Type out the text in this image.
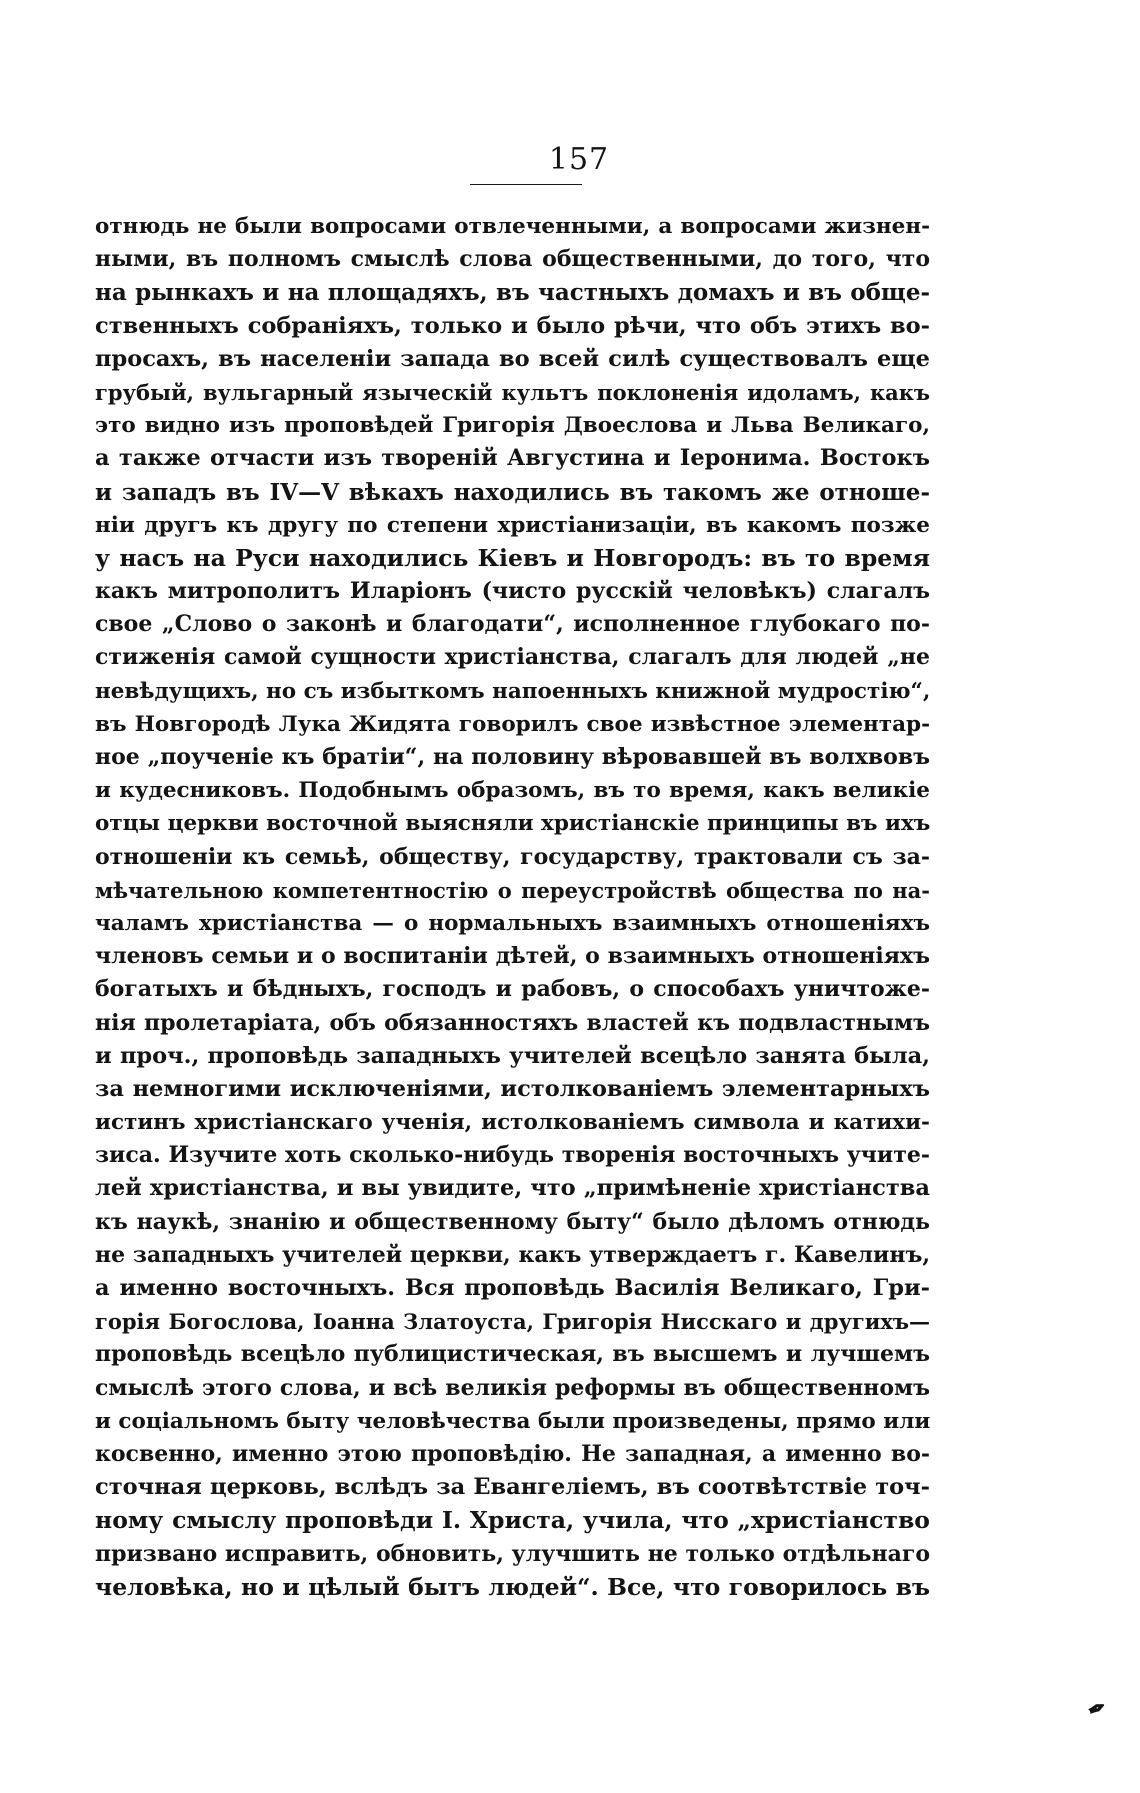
157
отнюдь не были вопросами отвлеченными, а вопросами жизнен-
ными, въ полномъ смыслѣ слова общественными, до того, что
на рынкахъ и на площадяхъ, въ частныхъ домахъ и въ обще-
ственныхъ собраніяхъ, только и было рѣчи, что объ этихъ во-
просахъ, въ населеніи запада во всей силѣ существовалъ еще
грубый, вульгарный языческій культъ поклоненія идоламъ, какъ
это видно изъ проповѣдей Григорія Двоеслова и Льва Великаго,
а также отчасти изъ твореній Августина и Іеронима. Востокъ
и западъ въ IV—V вѣкахъ находились въ такомъ же отноше-
ніи другъ къ другу по степени христіанизаціи, въ какомъ позже
у насъ на Руси находились Кіевъ и Новгородъ: въ то время
какъ митрополитъ Иларіонъ (чисто русскій человѣкъ) слагалъ
свое „Слово о законѣ и благодати“, исполненное глубокаго по-
стиженія самой сущности христіанства, слагалъ для людей „не
невѣдущихъ, но съ избыткомъ напоенныхъ книжной мудростію“,
въ Новгородѣ Лука Жидята говорилъ свое извѣстное элементар-
ное „поученіе къ братіи“, на половину вѣровавшей въ волхвовъ
и кудесниковъ. Подобнымъ образомъ, въ то время, какъ великіе
отцы церкви восточной выясняли христіанскіе принципы въ ихъ
отношеніи къ семьѣ, обществу, государству, трактовали съ за-
мѣчательною компетентностію о переустройствѣ общества по на-
чаламъ христіанства — о нормальныхъ взаимныхъ отношеніяхъ
членовъ семьи и о воспитаніи дѣтей, о взаимныхъ отношеніяхъ
богатыхъ и бѣдныхъ, господъ и рабовъ, о способахъ уничтоже-
нія пролетаріата, объ обязанностяхъ властей къ подвластнымъ
и проч., проповѣдь западныхъ учителей всецѣло занята была,
за немногими исключеніями, истолкованіемъ элементарныхъ
истинъ христіанскаго ученія, истолкованіемъ символа и катихи-
зиса. Изучите хоть сколько-нибудь творенія восточныхъ учите-
лей христіанства, и вы увидите, что „примѣненіе христіанства
къ наукѣ, знанію и общественному быту“ было дѣломъ отнюдь
не западныхъ учителей церкви, какъ утверждаетъ г. Кавелинъ,
а именно восточныхъ. Вся проповѣдь Василія Великаго, Гри-
горія Богослова, Іоанна Златоуста, Григорія Нисскаго и другихъ—
проповѣдь всецѣло публицистическая, въ высшемъ и лучшемъ
смыслѣ этого слова, и всѣ великія реформы въ общественномъ
и соціальномъ быту человѣчества были произведены, прямо или
косвенно, именно этою проповѣдію. Не западная, а именно во-
сточная церковь, вслѣдъ за Евангеліемъ, въ соотвѣтствіе точ-
ному смыслу проповѣди І. Христа, учила, что „христіанство
призвано исправить, обновить, улучшить не только отдѣльнаго
человѣка, но и цѣлый бытъ людей“. Все, что говорилось въ
✒
